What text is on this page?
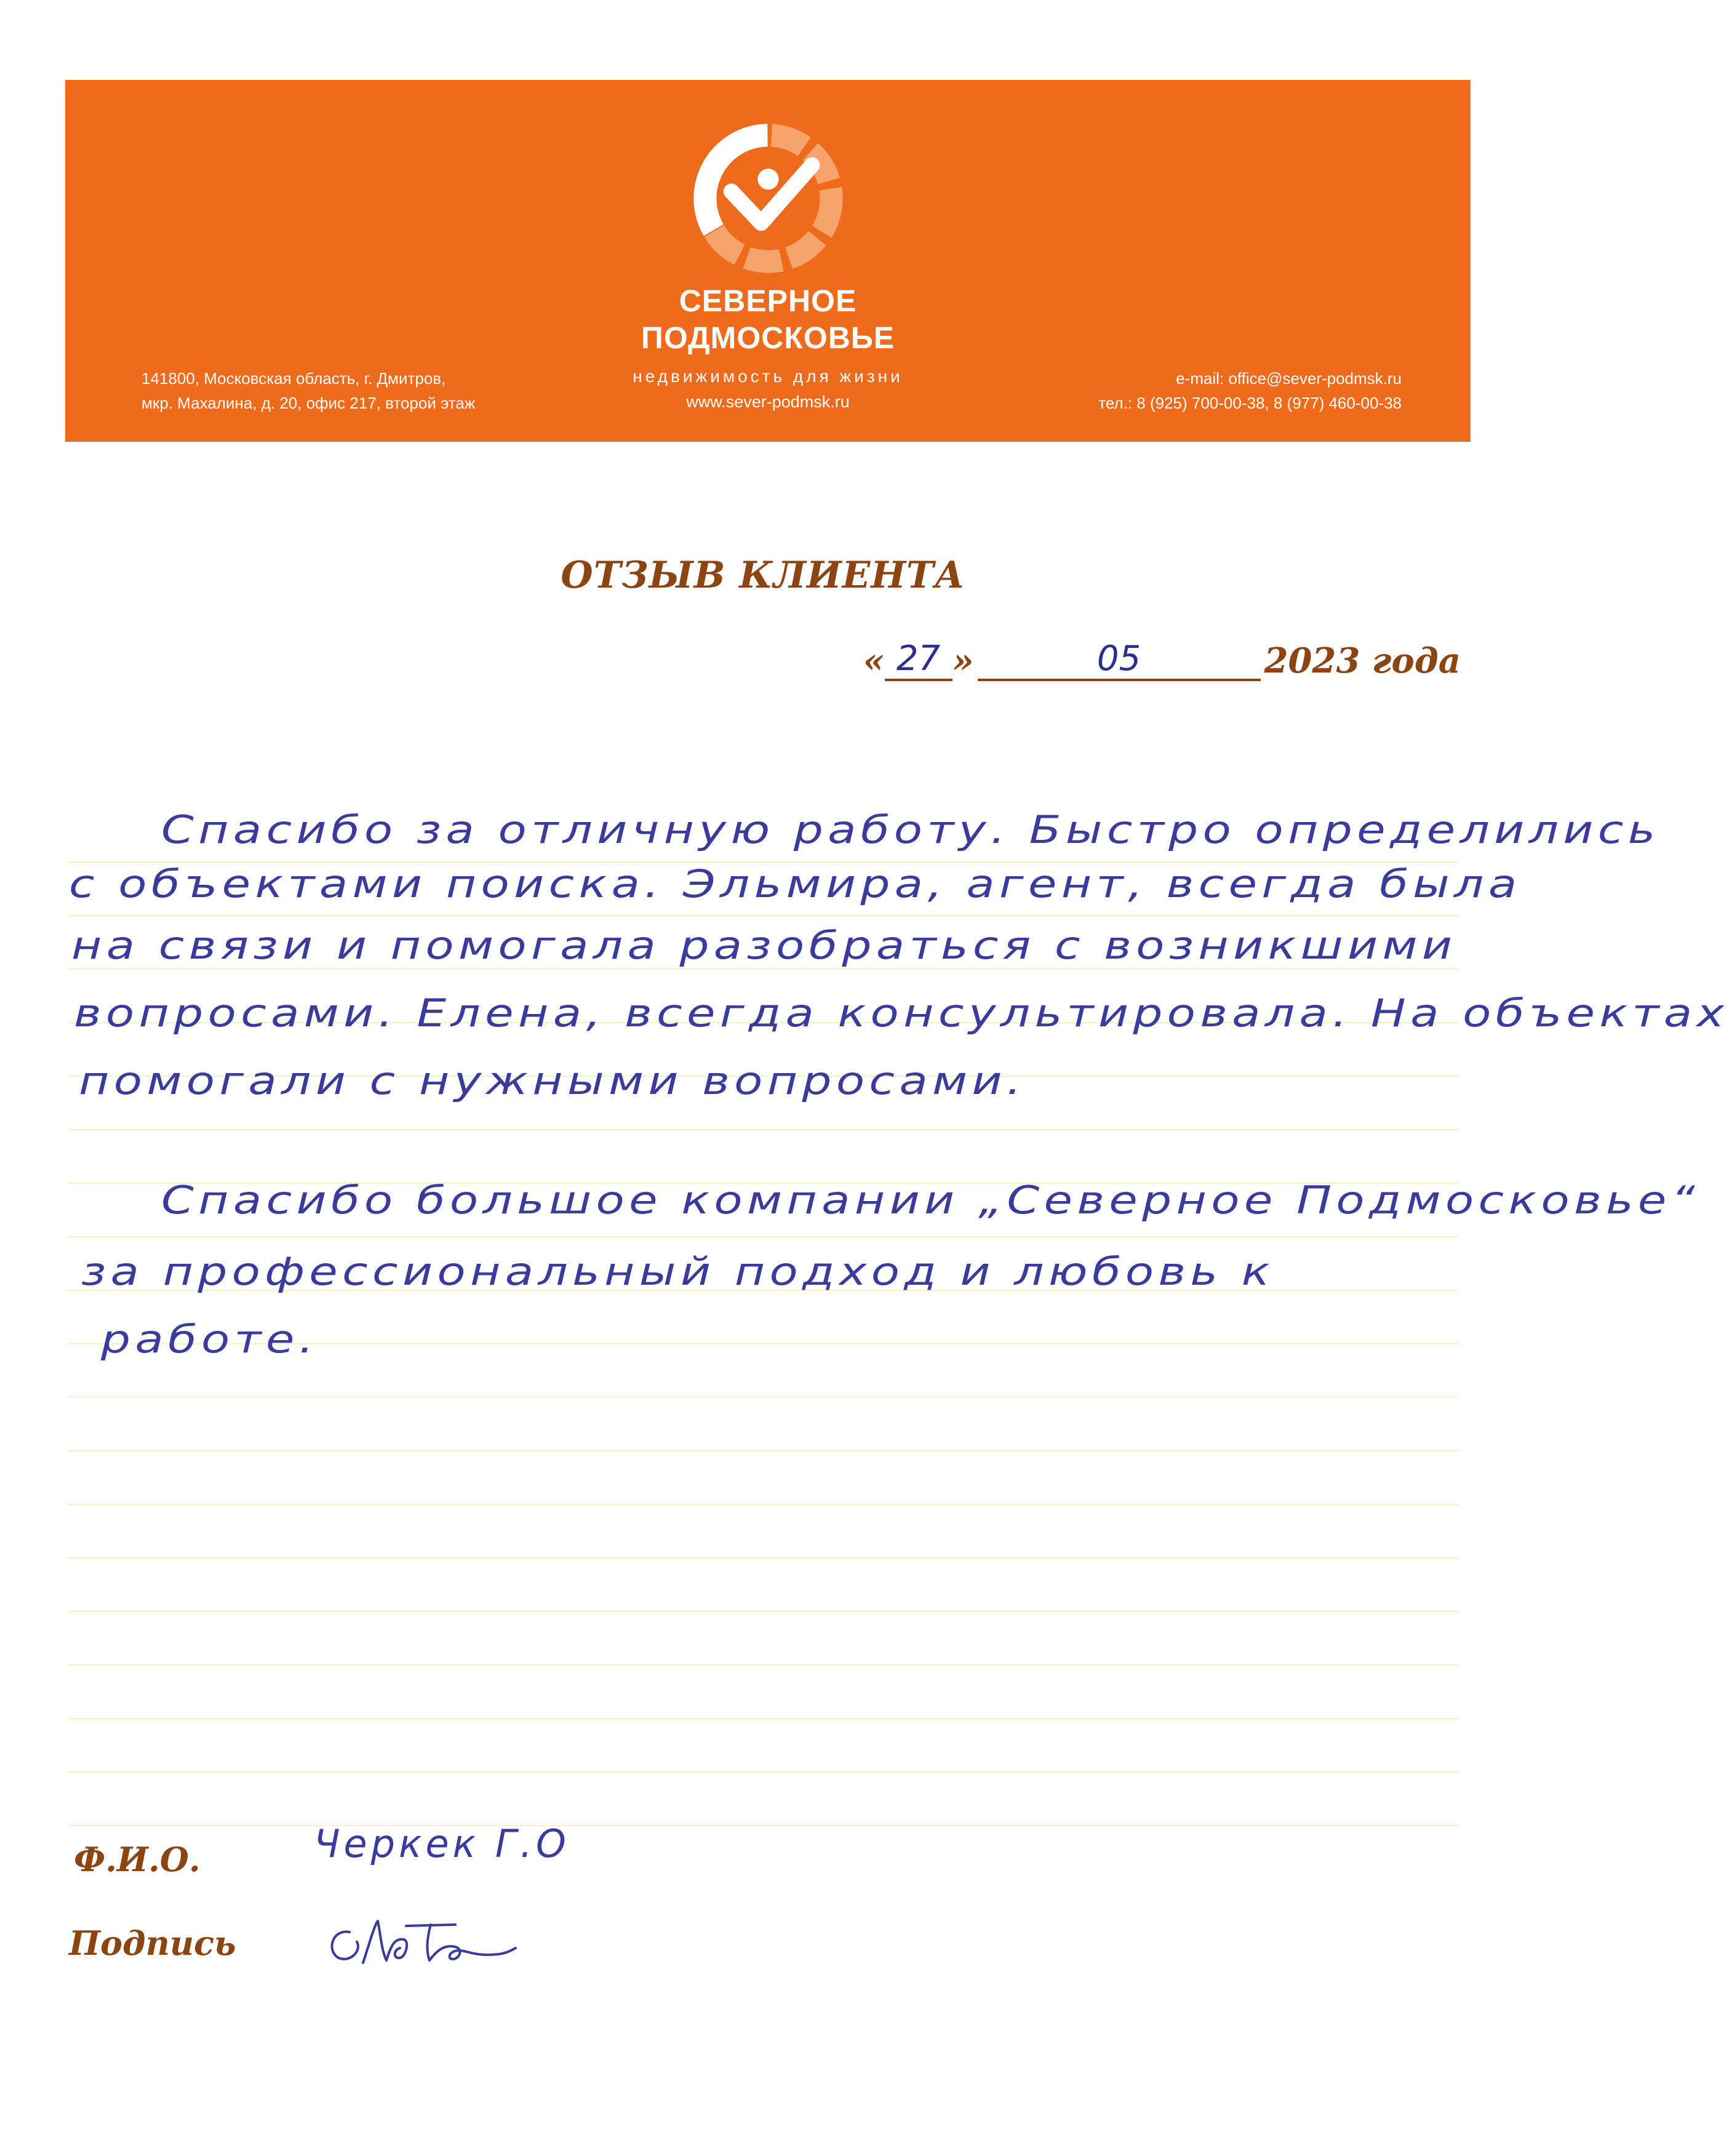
СЕВЕРНОЕ
ПОДМОСКОВЬЕ
недвижимость для жизни
www.sever-podmsk.ru
141800, Московская область, г. Дмитров,
мкр. Махалина, д. 20, офис 217, второй этаж
e-mail: office@sever-podmsk.ru
тел.: 8 (925) 700-00-38, 8 (977) 460-00-38
ОТЗЫВ КЛИЕНТА
« 27 »	05	2023 года
Спасибо за отличную работу. Быстро определились
с объектами поиска. Эльмира, агент, всегда была
на связи и помогала разобраться с возникшими
вопросами. Елена, всегда консультировала. На объектах
помогали с нужными вопросами.
Спасибо большое компании „Северное Подмосковье“
за профессиональный подход и любовь к
работе.
Ф.И.О.	Черкек Г.О
Подпись
